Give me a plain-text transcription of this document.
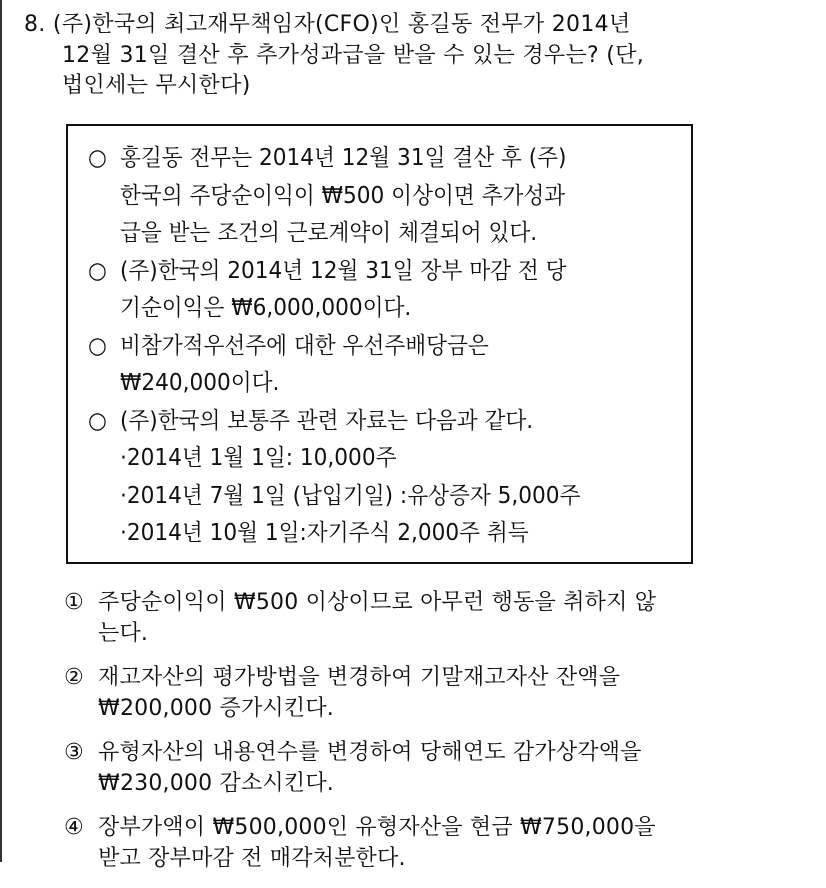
8. (주)한국의 최고재무책임자(CFO)인 홍길동 전무가 2014년
12월 31일 결산 후 추가성과급을 받을 수 있는 경우는? (단,
법인세는 무시한다)
○ 홍길동 전무는 2014년 12월 31일 결산 후 (주)
한국의 주당순이익이 ₩500 이상이면 추가성과
급을 받는 조건의 근로계약이 체결되어 있다.
○ (주)한국의 2014년 12월 31일 장부 마감 전 당
기순이익은 ₩6,000,000이다.
○ 비참가적우선주에 대한 우선주배당금은
₩240,000이다.
○ (주)한국의 보통주 관련 자료는 다음과 같다.
·2014년 1월 1일: 10,000주
·2014년 7월 1일 (납입기일) :유상증자 5,000주
·2014년 10월 1일:자기주식 2,000주 취득
① 주당순이익이 ₩500 이상이므로 아무런 행동을 취하지 않
는다.
② 재고자산의 평가방법을 변경하여 기말재고자산 잔액을
₩200,000 증가시킨다.
③ 유형자산의 내용연수를 변경하여 당해연도 감가상각액을
₩230,000 감소시킨다.
④ 장부가액이 ₩500,000인 유형자산을 현금 ₩750,000을
받고 장부마감 전 매각처분한다.
